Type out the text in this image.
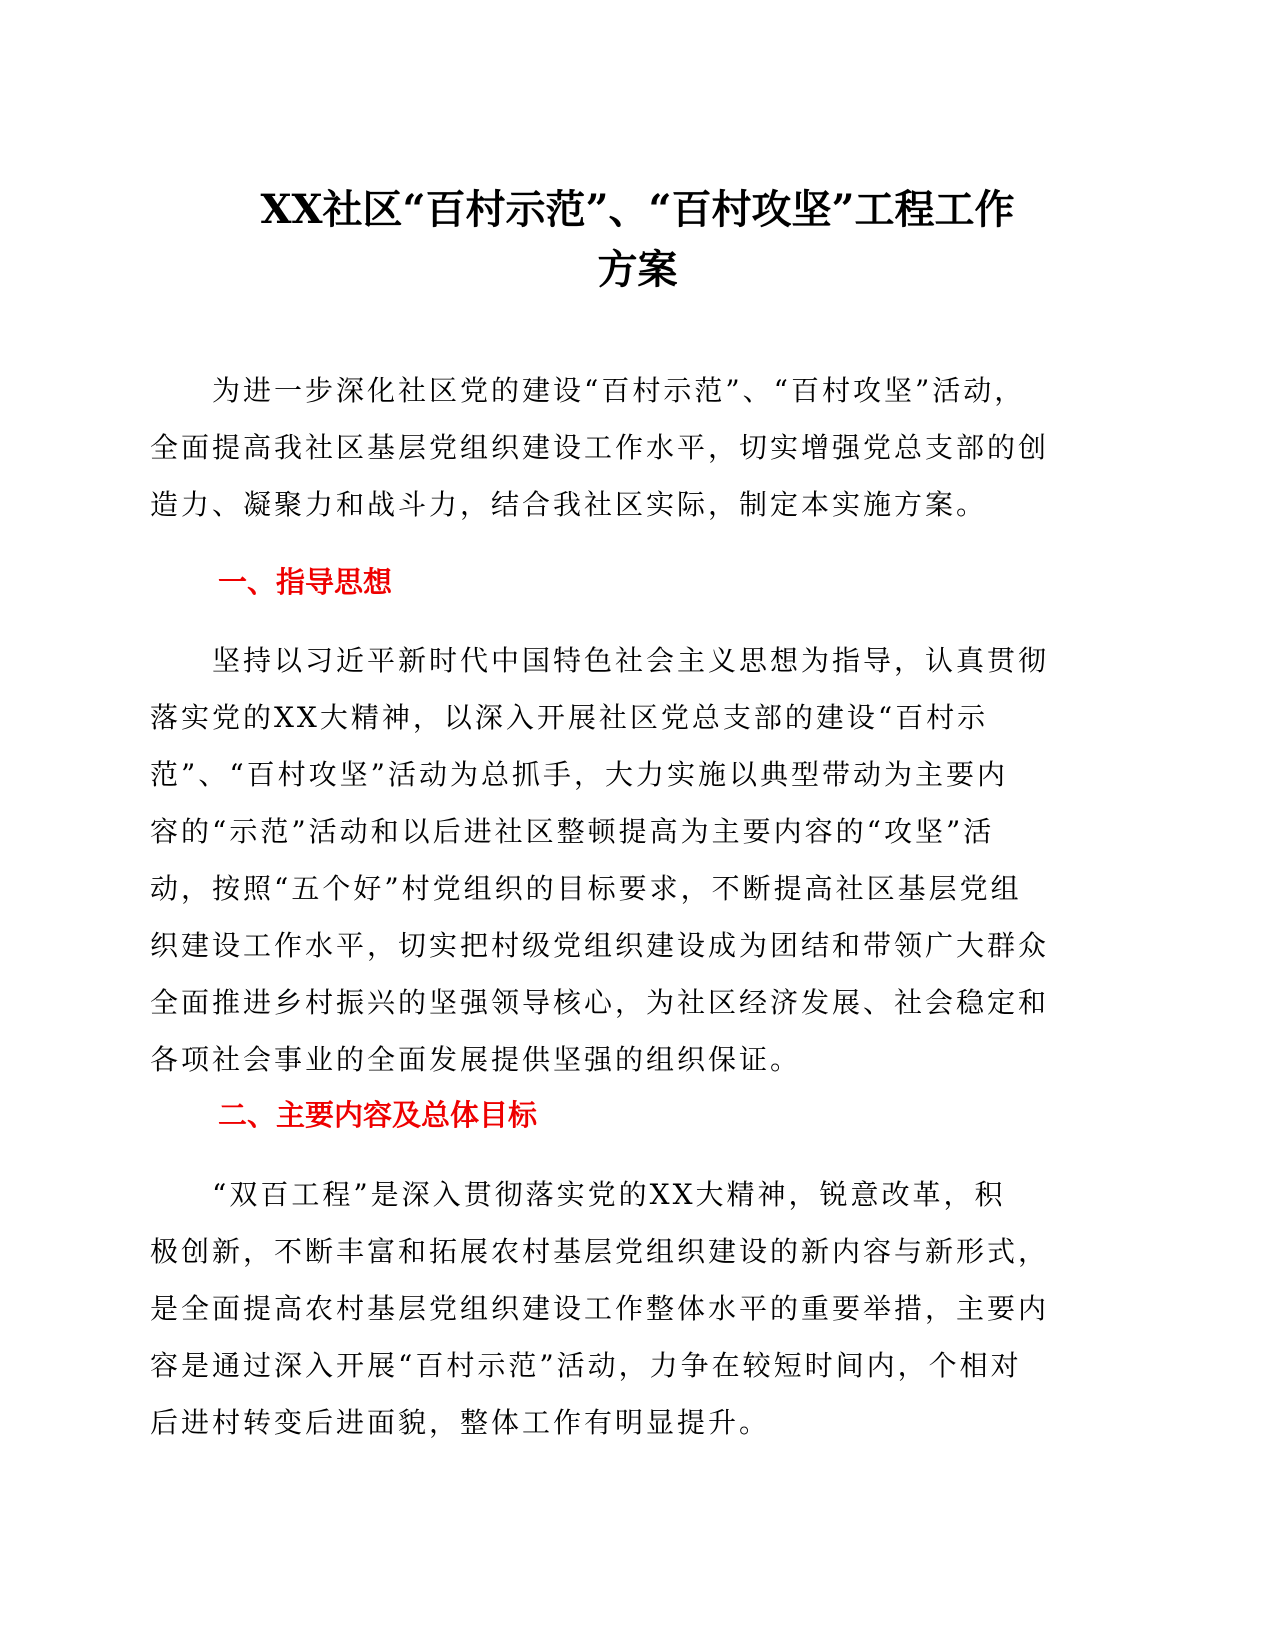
XX社区“百村示范”、“百村攻坚”工程工作
方案

　　为进一步深化社区党的建设“百村示范”、“百村攻坚”活动，
全面提高我社区基层党组织建设工作水平，切实增强党总支部的创
造力、凝聚力和战斗力，结合我社区实际，制定本实施方案。

一、指导思想

　　坚持以习近平新时代中国特色社会主义思想为指导，认真贯彻
落实党的XX大精神，以深入开展社区党总支部的建设“百村示
范”、“百村攻坚”活动为总抓手，大力实施以典型带动为主要内
容的“示范”活动和以后进社区整顿提高为主要内容的“攻坚”活
动，按照“五个好”村党组织的目标要求，不断提高社区基层党组
织建设工作水平，切实把村级党组织建设成为团结和带领广大群众
全面推进乡村振兴的坚强领导核心，为社区经济发展、社会稳定和
各项社会事业的全面发展提供坚强的组织保证。

二、主要内容及总体目标

　　“双百工程”是深入贯彻落实党的XX大精神，锐意改革，积
极创新，不断丰富和拓展农村基层党组织建设的新内容与新形式，
是全面提高农村基层党组织建设工作整体水平的重要举措，主要内
容是通过深入开展“百村示范”活动，力争在较短时间内，个相对
后进村转变后进面貌，整体工作有明显提升。
